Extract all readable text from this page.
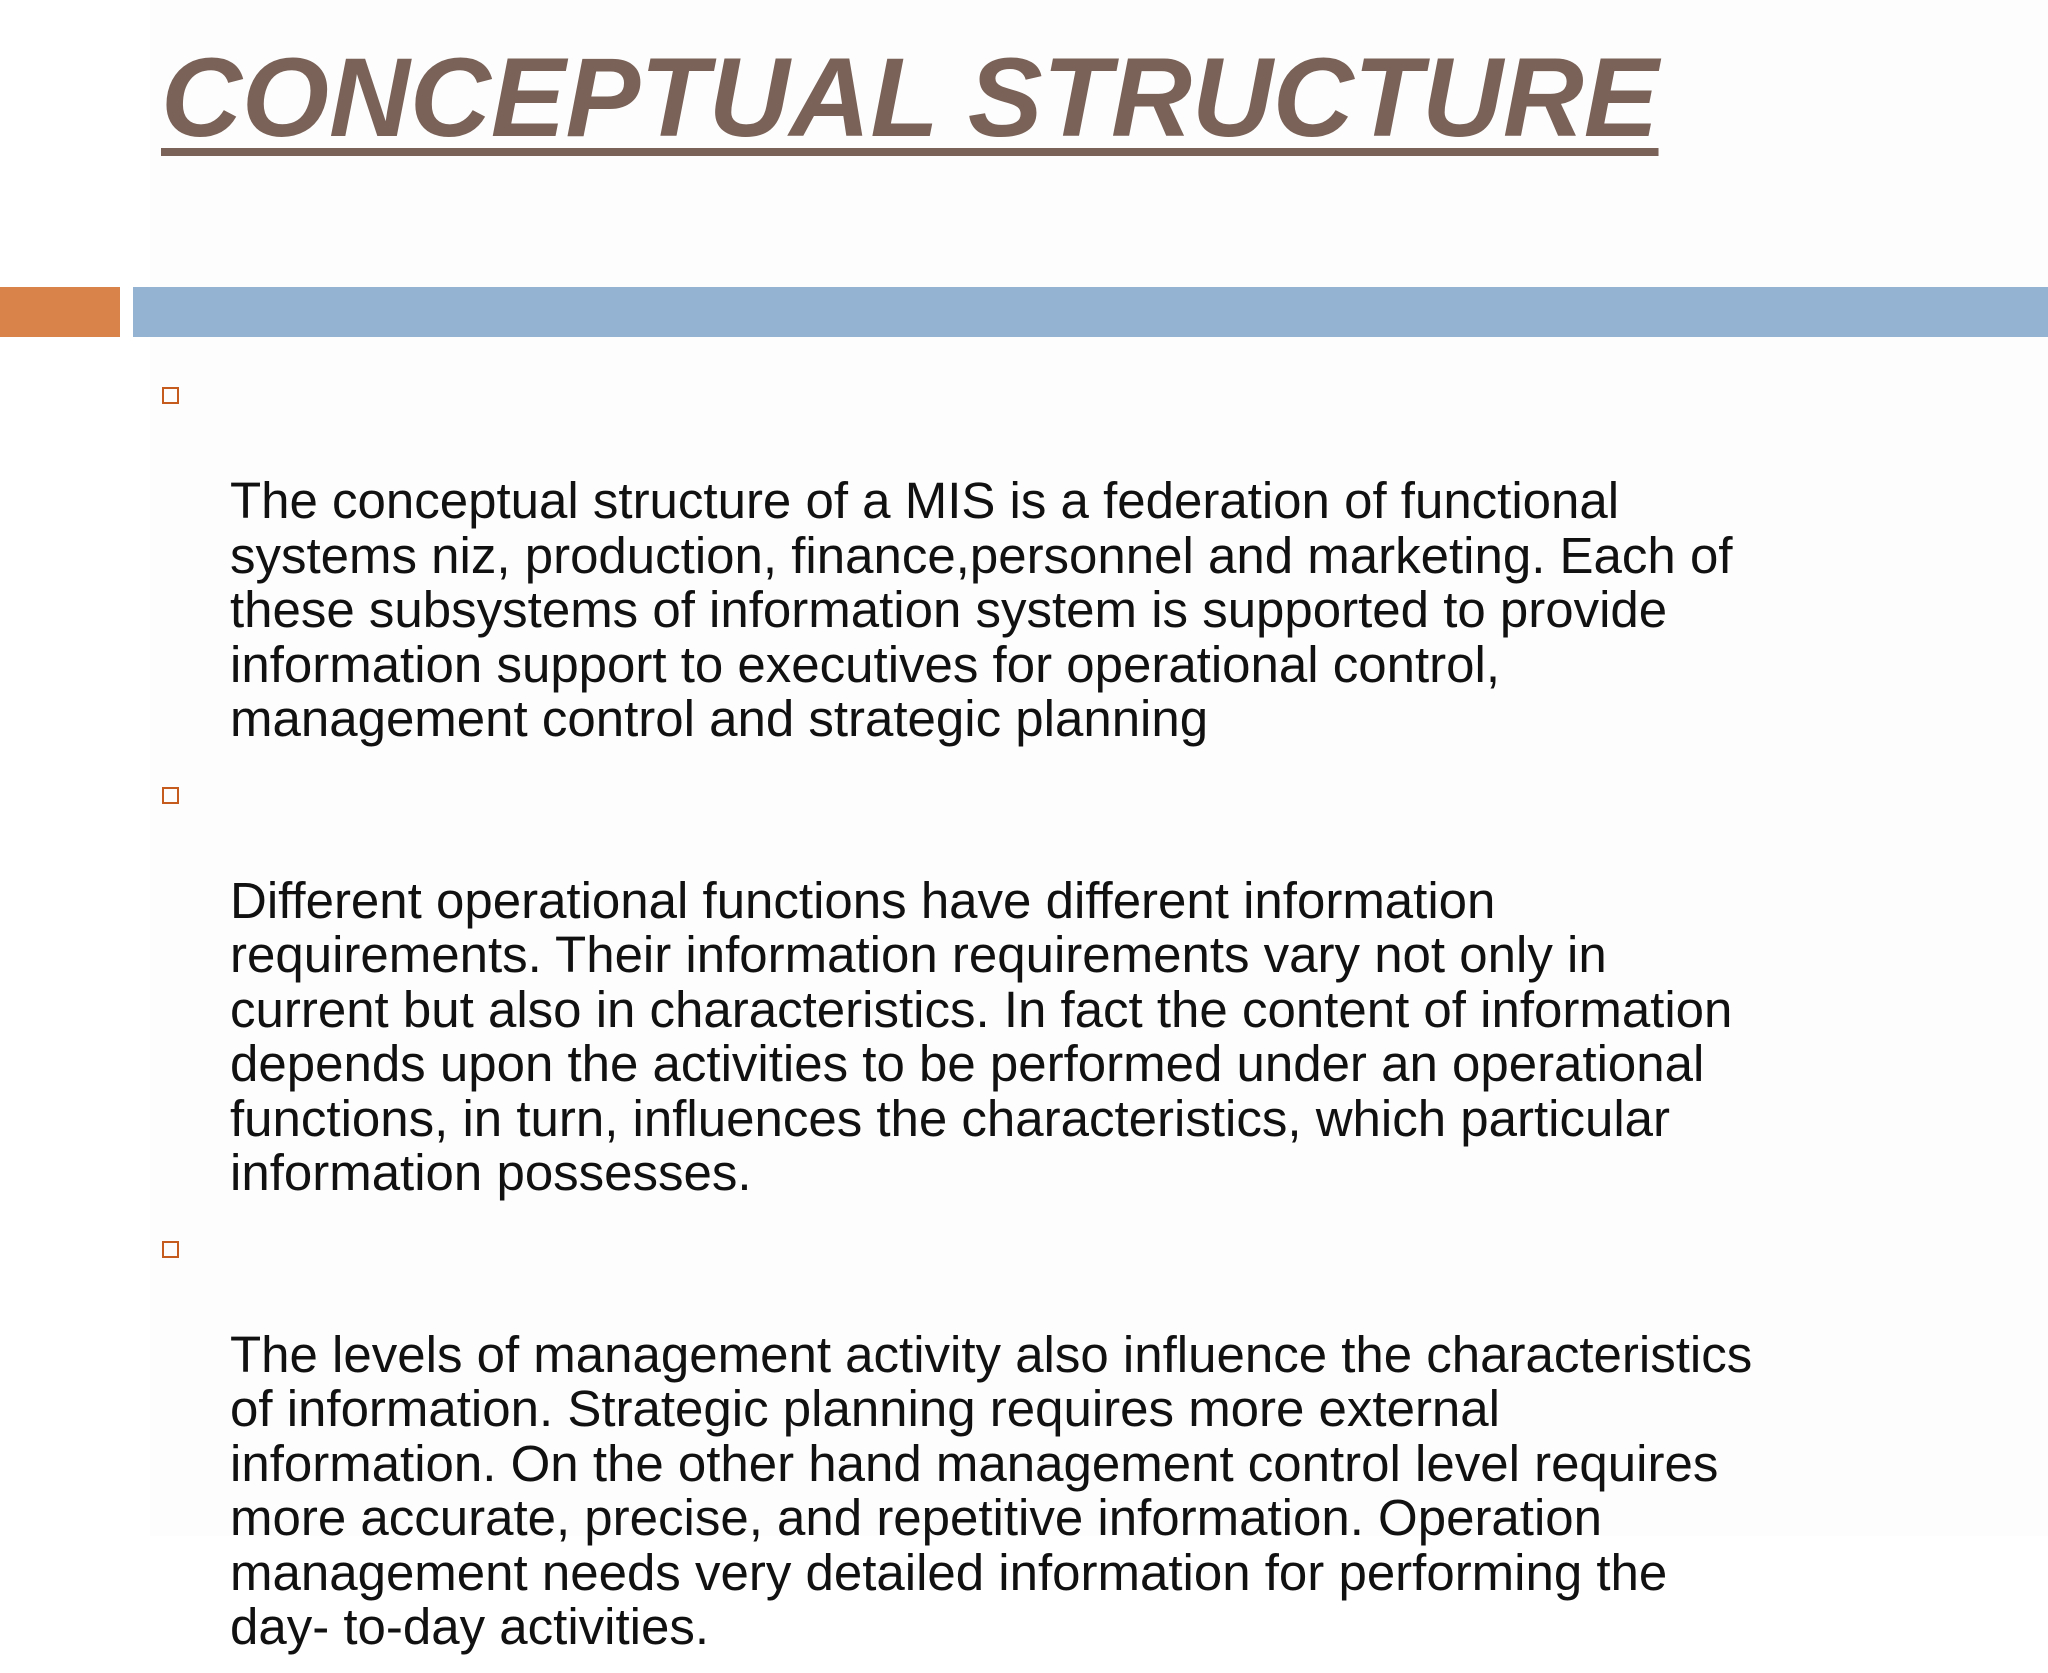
CONCEPTUAL STRUCTURE

The conceptual structure of a MIS is a federation of functional
systems niz, production, finance,personnel and marketing. Each of
these subsystems of information system is supported to provide
information support to executives for operational control,
management control and strategic planning

Different operational functions have different information
requirements. Their information requirements vary not only in
current but also in characteristics. In fact the content of information
depends upon the activities to be performed under an operational
functions, in turn, influences the characteristics, which particular
information possesses.

The levels of management activity also influence the characteristics
of information. Strategic planning requires more external
information. On the other hand management control level requires
more accurate, precise, and repetitive information. Operation
management needs very detailed information for performing the
day- to-day activities.
